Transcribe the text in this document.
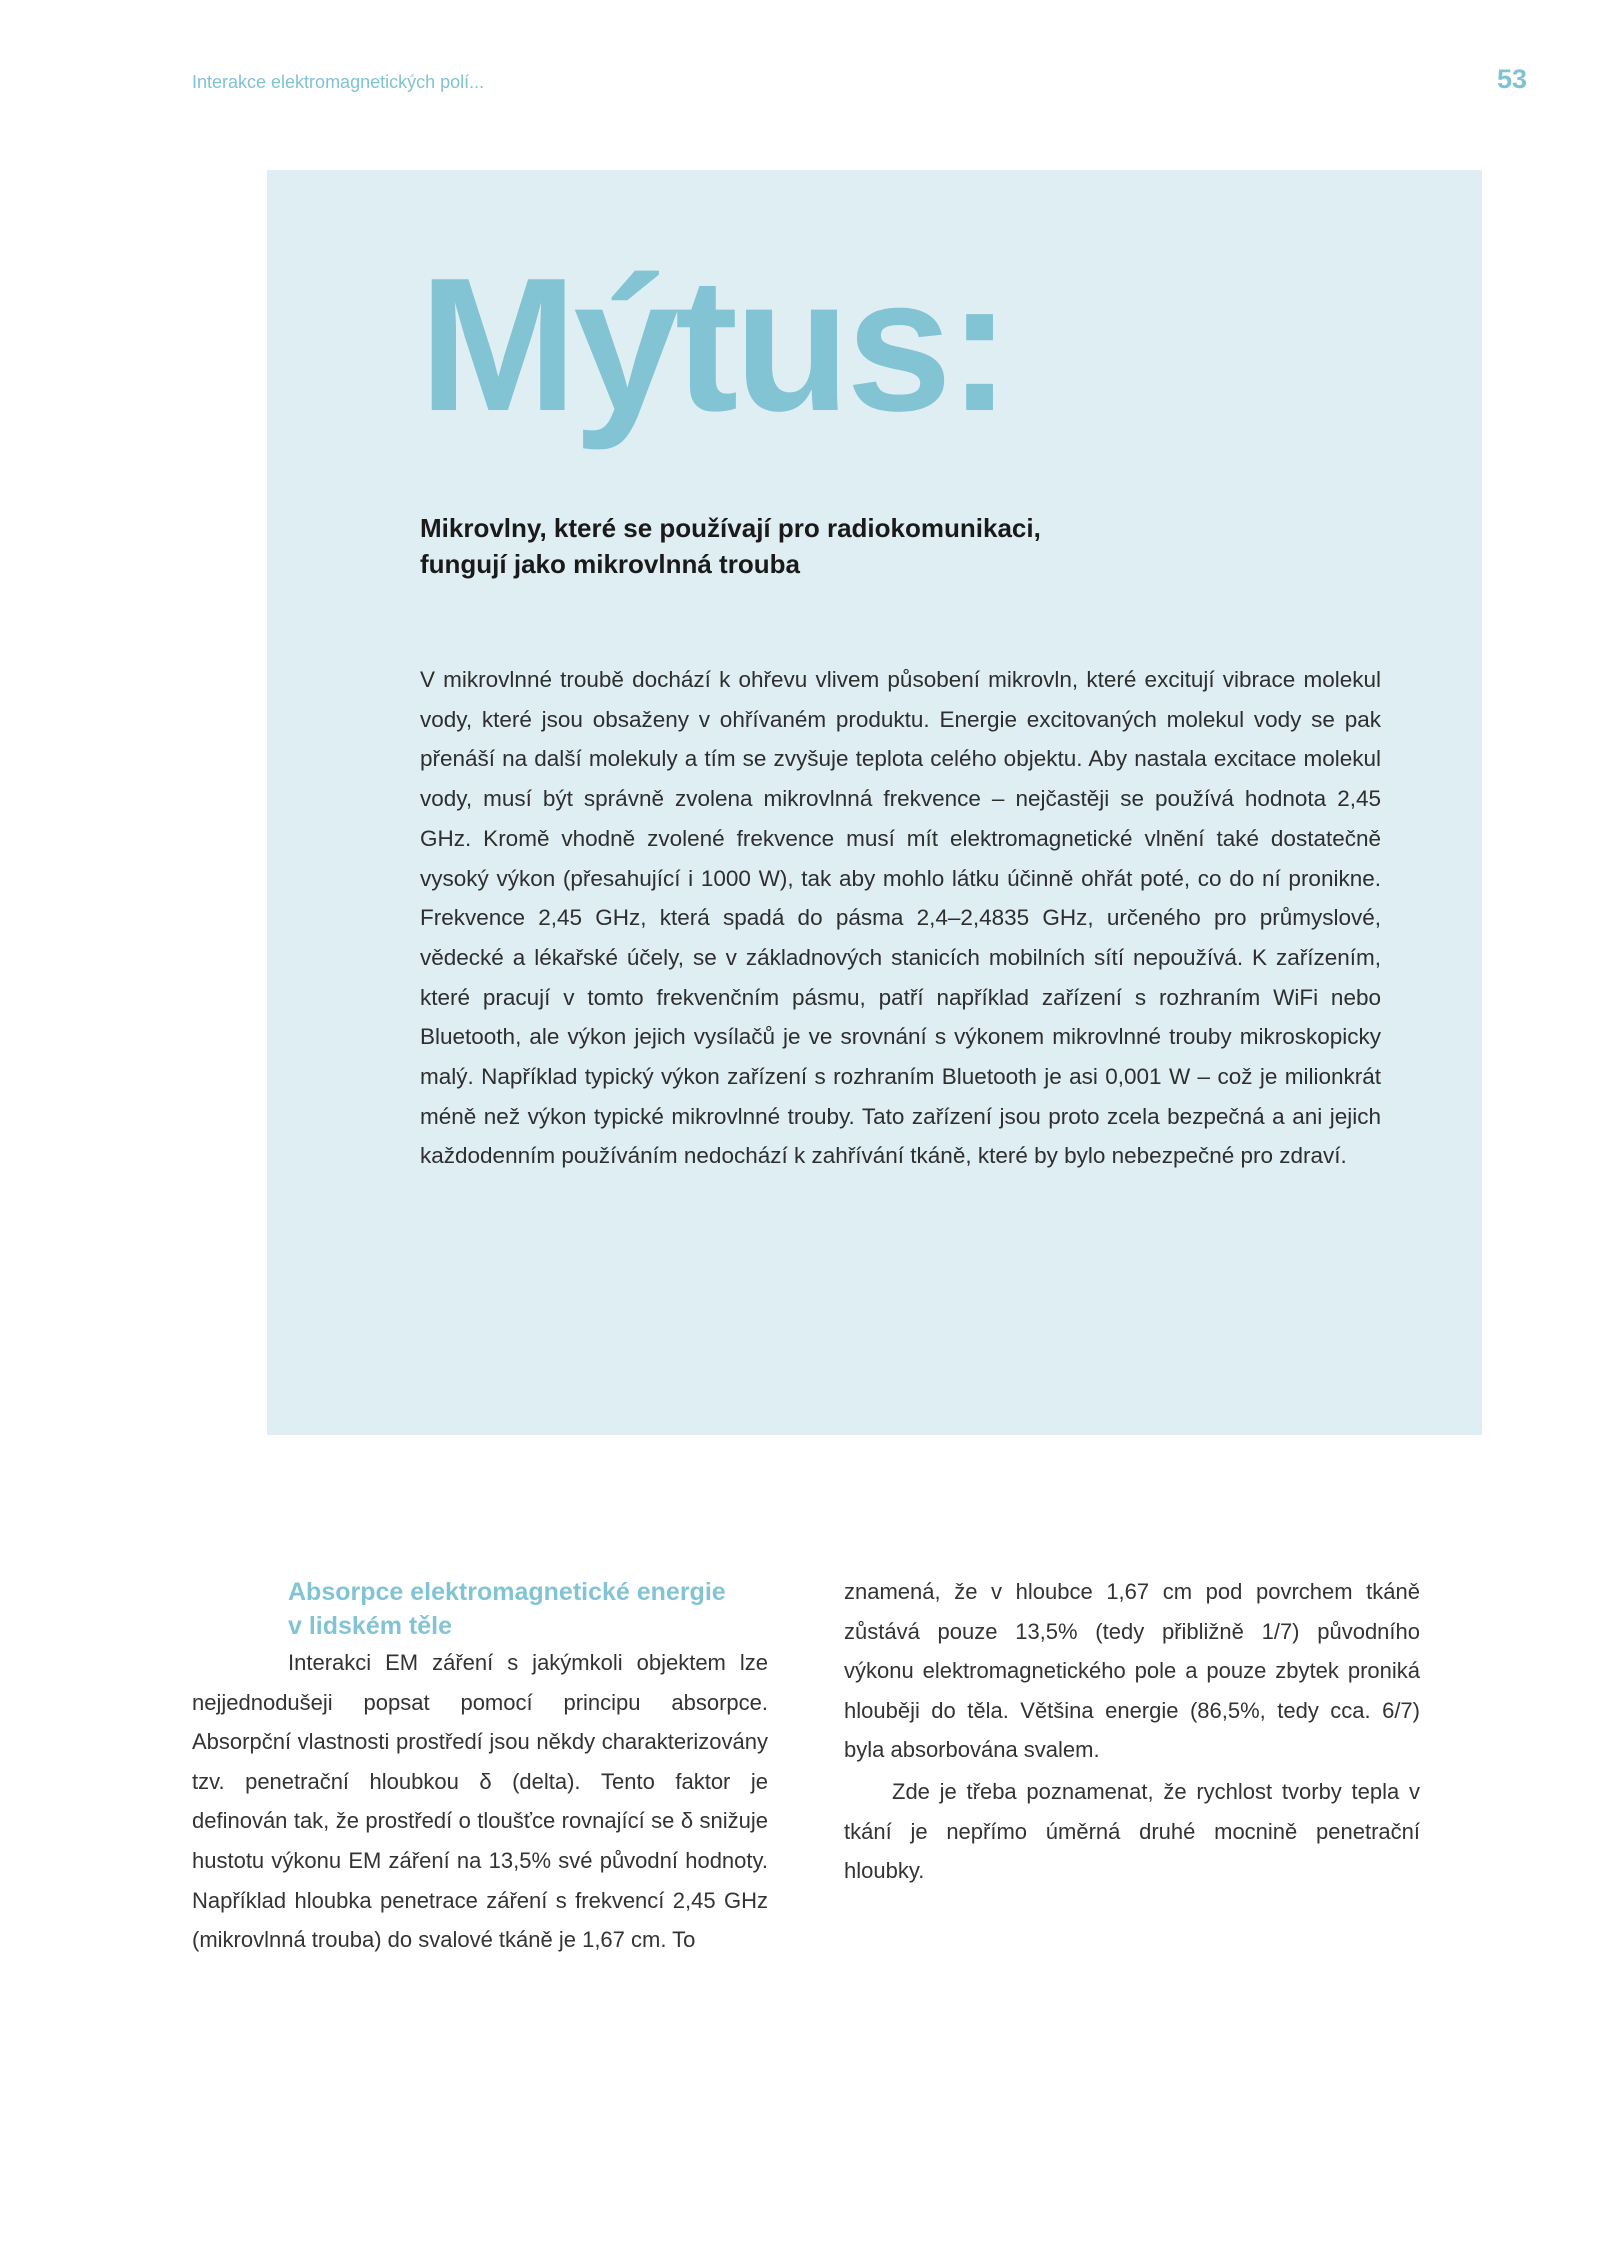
Interakce elektromagnetických polí...	53
Mýtus:
Mikrovlny, které se používají pro radiokomunikaci,
fungují jako mikrovlnná trouba

V mikrovlnné troubě dochází k ohřevu vlivem působení mikrovln, které excitují vibrace molekul vody, které jsou obsaženy v ohřívaném produktu. Energie excitovaných molekul vody se pak přenáší na další molekuly a tím se zvyšuje teplota celého objektu. Aby nastala excitace molekul vody, musí být správně zvolena mikrovlnná frekvence – nejčastěji se používá hodnota 2,45 GHz. Kromě vhodně zvolené frekvence musí mít elektromagnetické vlnění také dostatečně vysoký výkon (přesahující i 1000 W), tak aby mohlo látku účinně ohřát poté, co do ní pronikne. Frekvence 2,45 GHz, která spadá do pásma 2,4–2,4835 GHz, určeného pro průmyslové, vědecké a lékařské účely, se v základnových stanicích mobilních sítí nepoužívá. K zařízením, které pracují v tomto frekvenčním pásmu, patří například zařízení s rozhraním WiFi nebo Bluetooth, ale výkon jejich vysílačů je ve srovnání s výkonem mikrovlnné trouby mikroskopicky malý. Například typický výkon zařízení s rozhraním Bluetooth je asi 0,001 W – což je milionkrát méně než výkon typické mikrovlnné trouby. Tato zařízení jsou proto zcela bezpečná a ani jejich každodenním používáním nedochází k zahřívání tkáně, které by bylo nebezpečné pro zdraví.

Absorpce elektromagnetické energie
v lidském těle

Interakci EM záření s jakýmkoli objektem lze nejjednodušeji popsat pomocí principu absorpce. Absorpční vlastnosti prostředí jsou někdy charakterizovány tzv. penetrační hloubkou δ (delta). Tento faktor je definován tak, že prostředí o tloušťce rovnající se δ snižuje hustotu výkonu EM záření na 13,5% své původní hodnoty. Například hloubka penetrace záření s frekvencí 2,45 GHz (mikrovlnná trouba) do svalové tkáně je 1,67 cm. To

znamená, že v hloubce 1,67 cm pod povrchem tkáně zůstává pouze 13,5% (tedy přibližně 1/7) původního výkonu elektromagnetického pole a pouze zbytek proniká hlouběji do těla. Většina energie (86,5%, tedy cca. 6/7) byla absorbována svalem.

Zde je třeba poznamenat, že rychlost tvorby tepla v tkání je nepřímo úměrná druhé mocnině penetrační hloubky.
